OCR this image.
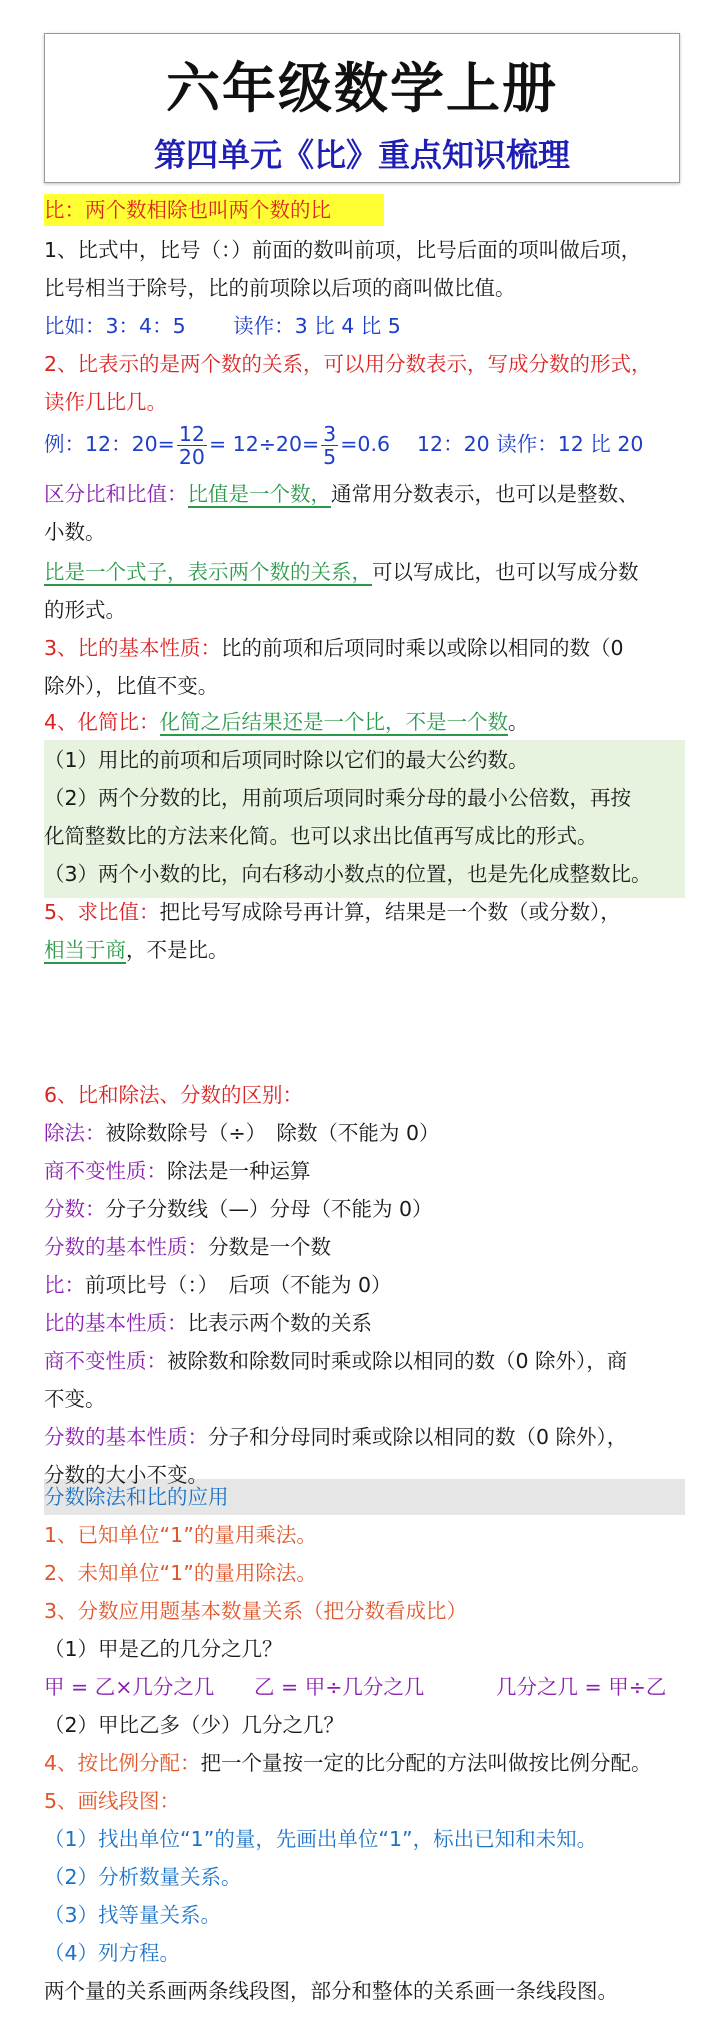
六年级数学上册
第四单元《比》重点知识梳理
比：两个数相除也叫两个数的比
1、比式中，比号（：）前面的数叫前项，比号后面的项叫做后项，
比号相当于除号，比的前项除以后项的商叫做比值。
比如：3：4：5　　 读作：3 比 4 比 5
2、比表示的是两个数的关系，可以用分数表示，写成分数的形式，
读作几比几。
例：12：$20= \frac{12}{20} = 12\div 20= \frac{3}{5} =0.6$　 12：20 读作：12 比 20
区分比和比值：比值是一个数，通常用分数表示，也可以是整数、
小数。
比是一个式子，表示两个数的关系，可以写成比，也可以写成分数
的形式。
3、比的基本性质：比的前项和后项同时乘以或除以相同的数（0
除外），比值不变。
4、化简比：化简之后结果还是一个比，不是一个数。
（1）用比的前项和后项同时除以它们的最大公约数。
（2）两个分数的比，用前项后项同时乘分母的最小公倍数，再按
化简整数比的方法来化简。也可以求出比值再写成比的形式。
（3）两个小数的比，向右移动小数点的位置，也是先化成整数比。
5、求比值：把比号写成除号再计算，结果是一个数（或分数），
相当于商，不是比。
6、比和除法、分数的区别：
除法：被除数除号（÷）　除数（不能为 0）
商不变性质：除法是一种运算
分数：分子分数线（—）分母（不能为 0）
分数的基本性质：分数是一个数
比：前项比号（：）　后项（不能为 0）
比的基本性质：比表示两个数的关系
商不变性质：被除数和除数同时乘或除以相同的数（0 除外），商
不变。
分数的基本性质：分子和分母同时乘或除以相同的数（0 除外），
分数的大小不变。
分数除法和比的应用
1、已知单位“1”的量用乘法。
2、未知单位“1”的量用除法。
3、分数应用题基本数量关系（把分数看成比）
（1）甲是乙的几分之几？
甲 = 乙×几分之几 乙 = 甲÷几分之几	几分之几 = 甲÷乙
（2）甲比乙多（少）几分之几？
4、按比例分配：把一个量按一定的比分配的方法叫做按比例分配。
5、画线段图：
（1）找出单位“1”的量，先画出单位“1”，标出已知和未知。
（2）分析数量关系。
（3）找等量关系。
（4）列方程。
两个量的关系画两条线段图，部分和整体的关系画一条线段图。
